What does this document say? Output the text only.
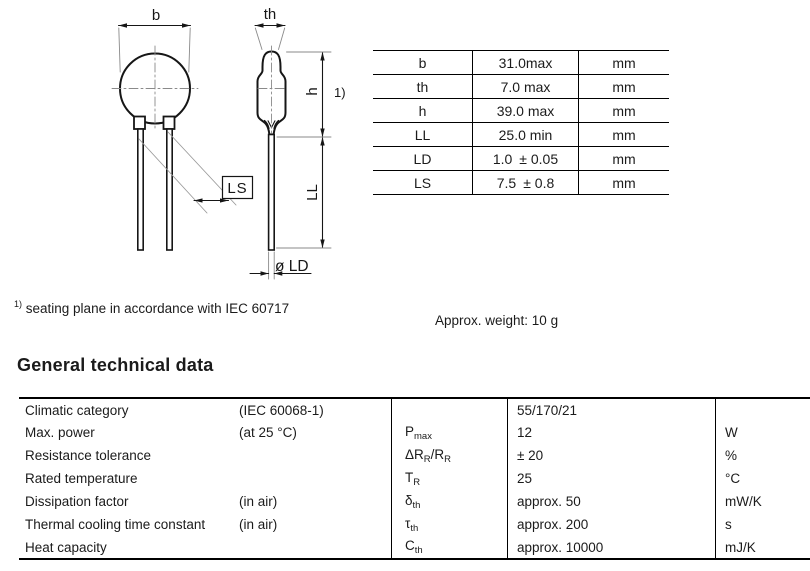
b
LS
th
h 1)
LL
ø LD
b	31.0max	mm
th	7.0 max	mm
h	39.0 max	mm
LL	25.0 min	mm
LD	1.0 ± 0.05	mm
LS	7.5 ± 0.8	mm
$^{1)}$ seating plane in accordance with IEC 60717
Approx. weight: 10 g
General technical data
Climatic category	(IEC 60068-1)		55/170/21	
Max. power	(at 25 °C)	$P_{max}$	12	W
Resistance tolerance		$\Delta R_R/R_R$	± 20	%
Rated temperature		$T_R$	25	°C
Dissipation factor	(in air)	$\delta_{th}$	approx. 50	mW/K
Thermal cooling time constant	(in air)	$\tau_{th}$	approx. 200	s
Heat capacity		$C_{th}$	approx. 10000	mJ/K
